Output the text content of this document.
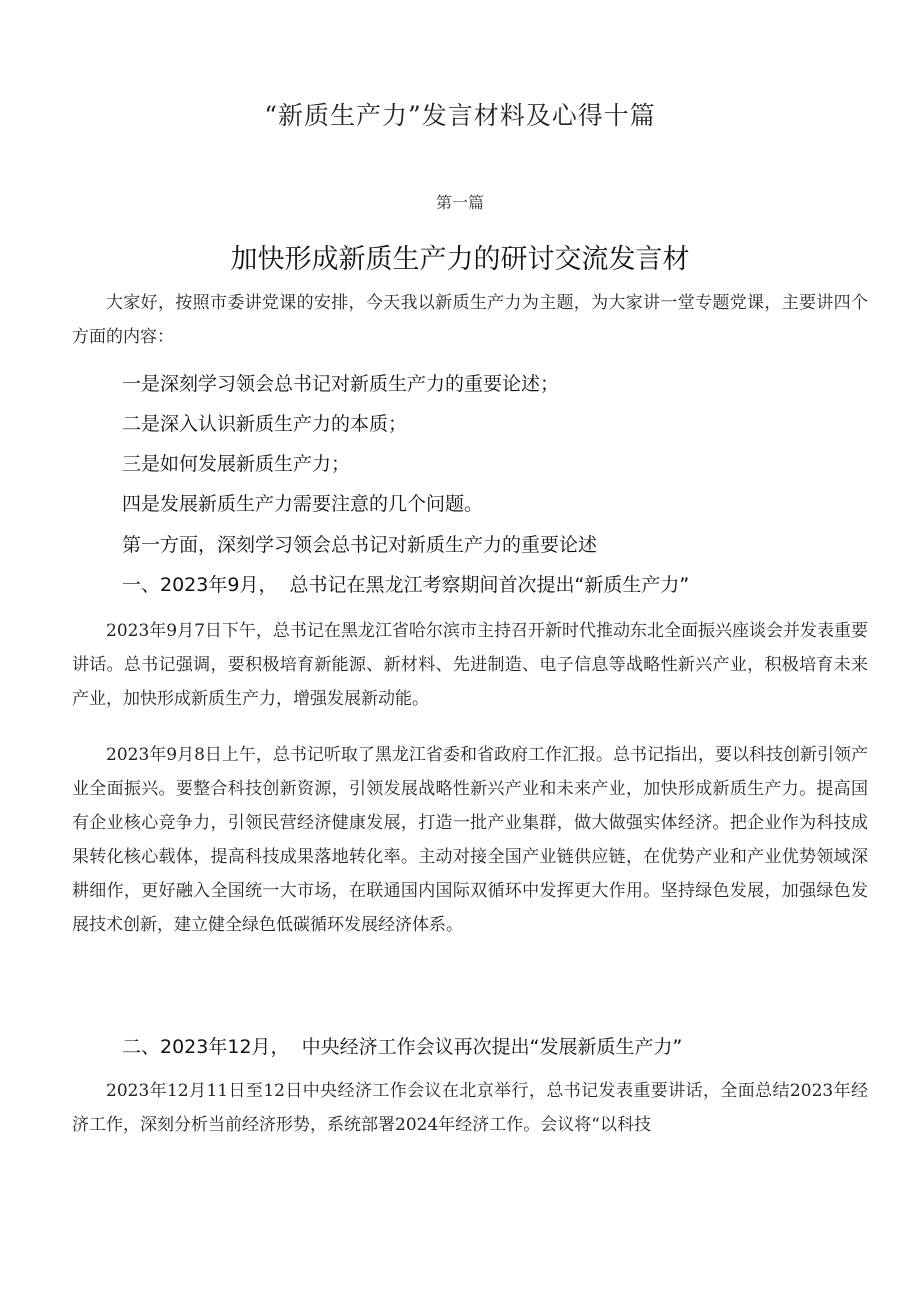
“新质生产力”发言材料及心得十篇
第一篇
加快形成新质生产力的研讨交流发言材

大家好，按照市委讲党课的安排，今天我以新质生产力为主题，为大家讲一堂专题党课，主要讲四个方面的内容：

一是深刻学习领会总书记对新质生产力的重要论述；
二是深入认识新质生产力的本质；
三是如何发展新质生产力；
四是发展新质生产力需要注意的几个问题。
第一方面，深刻学习领会总书记对新质生产力的重要论述
一、2023年9月，  总书记在黑龙江考察期间首次提出“新质生产力”

2023年9月7日下午，总书记在黑龙江省哈尔滨市主持召开新时代推动东北全面振兴座谈会并发表重要讲话。总书记强调，要积极培育新能源、新材料、先进制造、电子信息等战略性新兴产业，积极培育未来产业，加快形成新质生产力，增强发展新动能。

2023年9月8日上午，总书记听取了黑龙江省委和省政府工作汇报。总书记指出，要以科技创新引领产业全面振兴。要整合科技创新资源，引领发展战略性新兴产业和未来产业，加快形成新质生产力。提高国有企业核心竞争力，引领民营经济健康发展，打造一批产业集群，做大做强实体经济。把企业作为科技成果转化核心载体，提高科技成果落地转化率。主动对接全国产业链供应链，在优势产业和产业优势领域深耕细作，更好融入全国统一大市场，在联通国内国际双循环中发挥更大作用。坚持绿色发展，加强绿色发展技术创新，建立健全绿色低碳循环发展经济体系。

二、2023年12月，  中央经济工作会议再次提出“发展新质生产力”

2023年12月11日至12日中央经济工作会议在北京举行，总书记发表重要讲话，全面总结2023年经济工作，深刻分析当前经济形势，系统部署2024年经济工作。会议将“以科技
